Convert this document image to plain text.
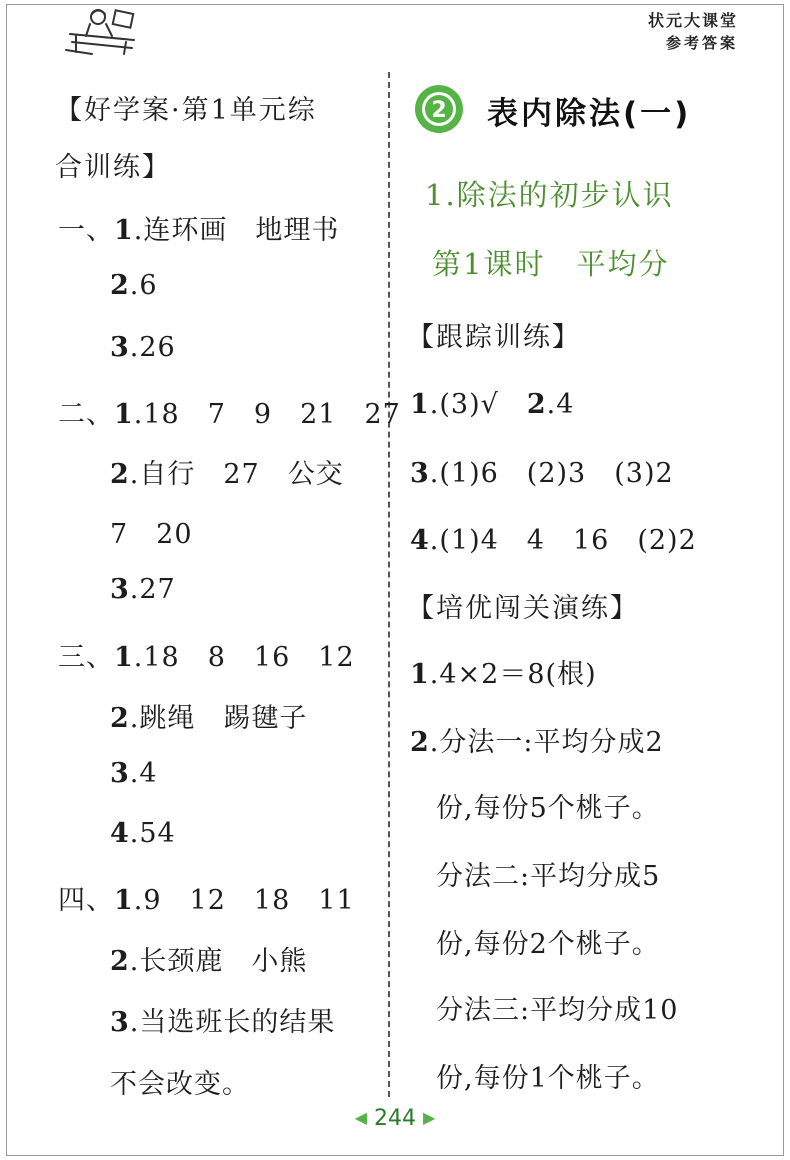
状元大课堂
参考答案
【好学案·第1单元综
合训练】
一、1.连环画　地理书
2.6
3.26
二、1.18　7　9　21　27
2.自行　27　公交
7　20
3.27
三、1.18　8　16　12
2.跳绳　踢毽子
3.4
4.54
四、1.9　12　18　11
2.长颈鹿　小熊
3.当选班长的结果
不会改变。
2 表内除法(一)
1.除法的初步认识
第1课时　平均分
【跟踪训练】
1.(3)√　2.4
3.(1)6　(2)3　(3)2
4.(1)4　4　16　(2)2
【培优闯关演练】
1.4×2＝8(根)
2.分法一:平均分成2
份,每份5个桃子。
分法二:平均分成5
份,每份2个桃子。
分法三:平均分成10
份,每份1个桃子。
◀ 244 ▶
